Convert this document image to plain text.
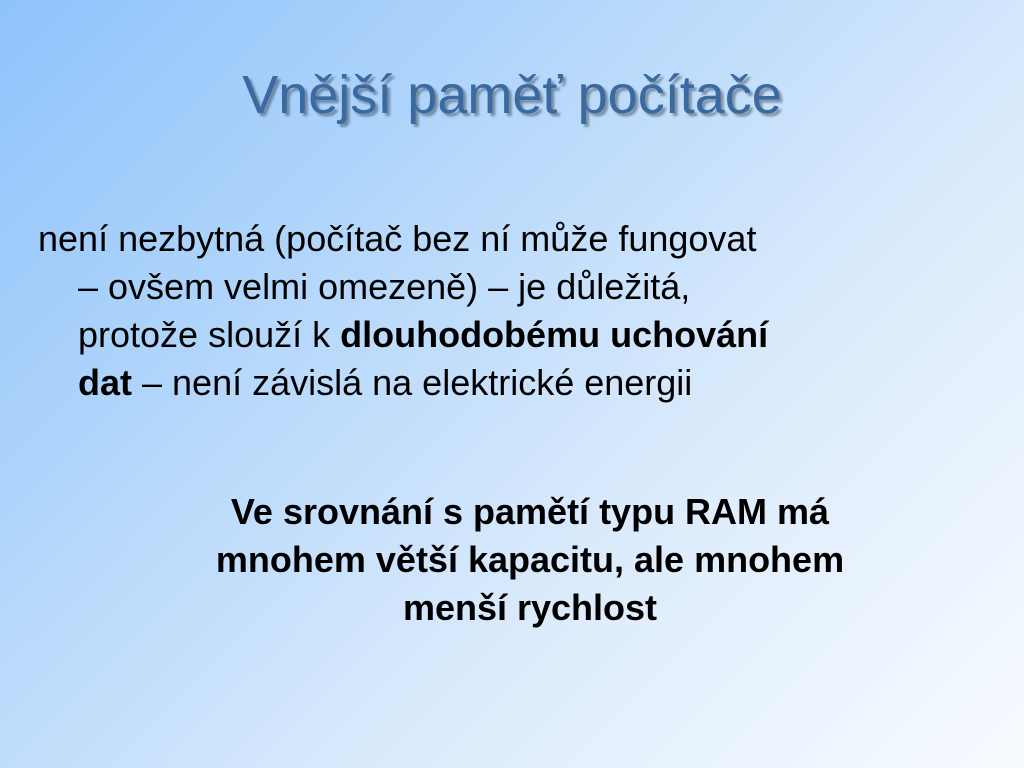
Vnější paměť počítače
není nezbytná (počítač bez ní může fungovat
– ovšem velmi omezeně) – je důležitá,
protože slouží k dlouhodobému uchování
dat – není závislá na elektrické energii
Ve srovnání s pamětí typu RAM má
mnohem větší kapacitu, ale mnohem
menší rychlost
